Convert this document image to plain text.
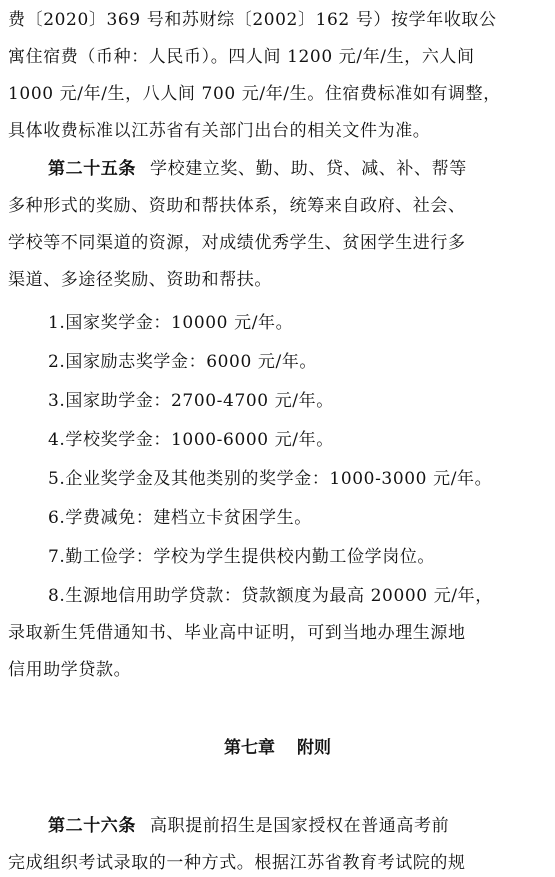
费〔2020〕369 号和苏财综〔2002〕162 号）按学年收取公
寓住宿费（币种：人民币）。四人间 1200 元/年/生，六人间
1000 元/年/生，八人间 700 元/年/生。住宿费标准如有调整，
具体收费标准以江苏省有关部门出台的相关文件为准。
第二十五条 学校建立奖、勤、助、贷、减、补、帮等
多种形式的奖励、资助和帮扶体系，统筹来自政府、社会、
学校等不同渠道的资源，对成绩优秀学生、贫困学生进行多
渠道、多途径奖励、资助和帮扶。
1.国家奖学金：10000 元/年。
2.国家励志奖学金：6000 元/年。
3.国家助学金：2700-4700 元/年。
4.学校奖学金：1000-6000 元/年。
5.企业奖学金及其他类别的奖学金：1000-3000 元/年。
6.学费减免：建档立卡贫困学生。
7.勤工俭学：学校为学生提供校内勤工俭学岗位。
8.生源地信用助学贷款：贷款额度为最高 20000 元/年，
录取新生凭借通知书、毕业高中证明，可到当地办理生源地
信用助学贷款。
第七章 附则
第二十六条 高职提前招生是国家授权在普通高考前
完成组织考试录取的一种方式。根据江苏省教育考试院的规
